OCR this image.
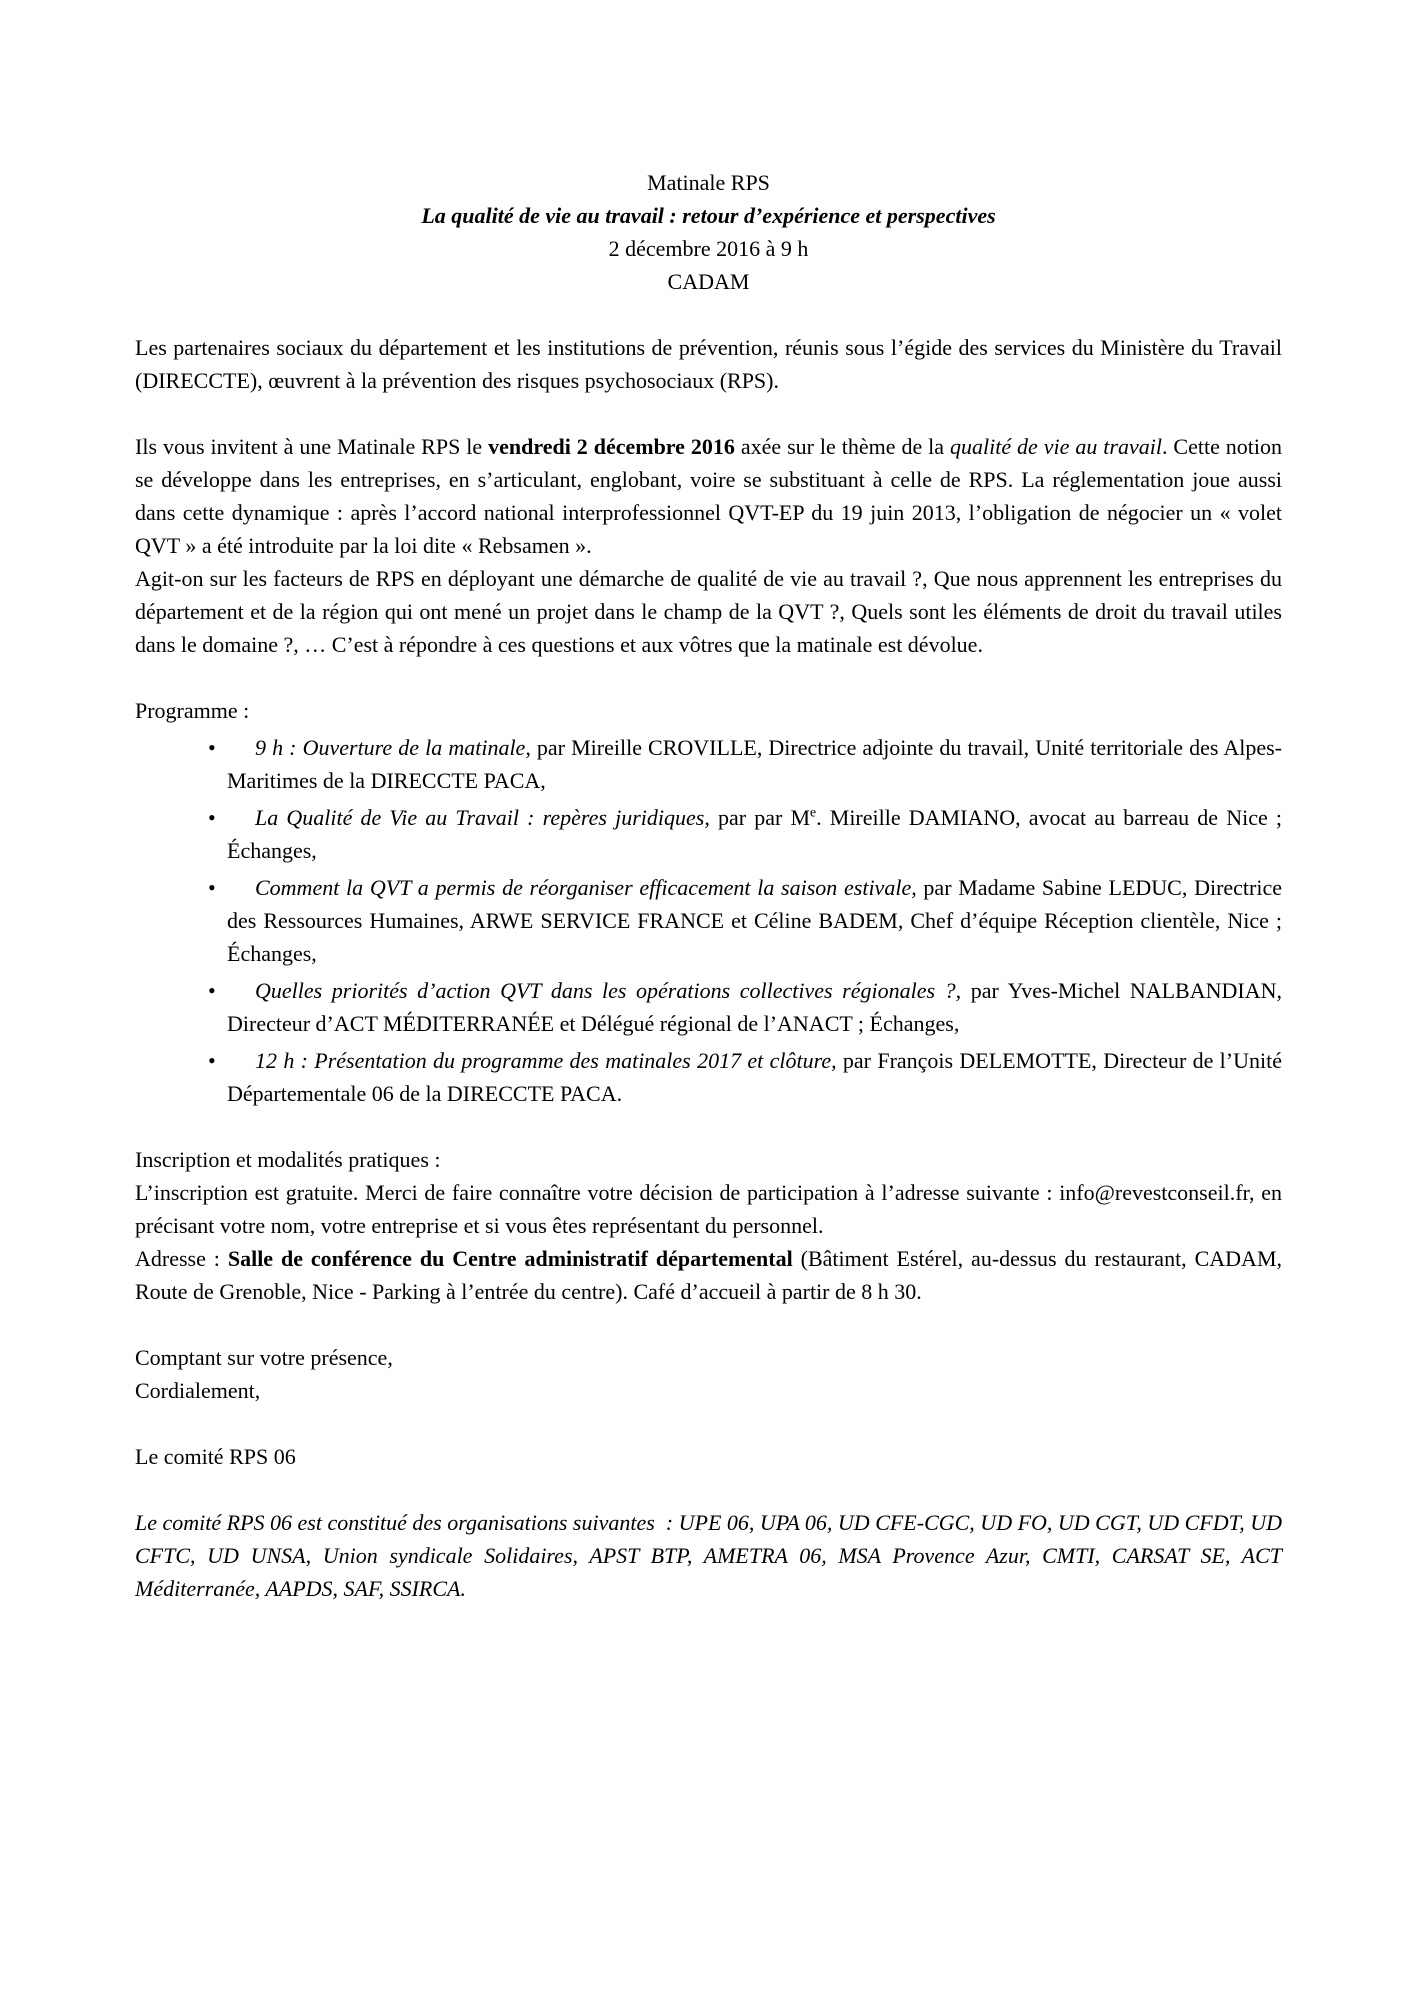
Matinale RPS

La qualité de vie au travail : retour d’expérience et perspectives

2 décembre 2016 à 9 h

CADAM

Les partenaires sociaux du département et les institutions de prévention, réunis sous l’égide des services du Ministère du Travail (DIRECCTE), œuvrent à la prévention des risques psychosociaux (RPS).

Ils vous invitent à une Matinale RPS le vendredi 2 décembre 2016 axée sur le thème de la qualité de vie au travail. Cette notion se développe dans les entreprises, en s’articulant, englobant, voire se substituant à celle de RPS. La réglementation joue aussi dans cette dynamique : après l’accord national interprofessionnel QVT-EP du 19 juin 2013, l’obligation de négocier un « volet QVT » a été introduite par la loi dite « Rebsamen ».

Agit-on sur les facteurs de RPS en déployant une démarche de qualité de vie au travail ?, Que nous apprennent les entreprises du département et de la région qui ont mené un projet dans le champ de la QVT ?, Quels sont les éléments de droit du travail utiles dans le domaine ?, … C’est à répondre à ces questions et aux vôtres que la matinale est dévolue.

Programme :

• 9 h : Ouverture de la matinale, par Mireille CROVILLE, Directrice adjointe du travail, Unité territoriale des Alpes-Maritimes de la DIRECCTE PACA,
• La Qualité de Vie au Travail : repères juridiques, par par Me. Mireille DAMIANO, avocat au barreau de Nice ; Échanges,
• Comment la QVT a permis de réorganiser efficacement la saison estivale, par Madame Sabine LEDUC, Directrice des Ressources Humaines, ARWE SERVICE FRANCE et Céline BADEM, Chef d’équipe Réception clientèle, Nice ; Échanges,
• Quelles priorités d’action QVT dans les opérations collectives régionales ?, par Yves-Michel NALBANDIAN, Directeur d’ACT MÉDITERRANÉE et Délégué régional de l’ANACT ; Échanges,
• 12 h : Présentation du programme des matinales 2017 et clôture, par François DELEMOTTE, Directeur de l’Unité Départementale 06 de la DIRECCTE PACA.

Inscription et modalités pratiques :

L’inscription est gratuite. Merci de faire connaître votre décision de participation à l’adresse suivante : info@revestconseil.fr, en précisant votre nom, votre entreprise et si vous êtes représentant du personnel.

Adresse : Salle de conférence du Centre administratif départemental (Bâtiment Estérel, au-dessus du restaurant, CADAM, Route de Grenoble, Nice - Parking à l’entrée du centre). Café d’accueil à partir de 8 h 30.

Comptant sur votre présence,

Cordialement,

Le comité RPS 06

Le comité RPS 06 est constitué des organisations suivantes  : UPE 06, UPA 06, UD CFE-CGC, UD FO, UD CGT, UD CFDT, UD CFTC, UD UNSA, Union syndicale Solidaires, APST BTP, AMETRA 06, MSA Provence Azur, CMTI, CARSAT SE, ACT Méditerranée, AAPDS, SAF, SSIRCA.
